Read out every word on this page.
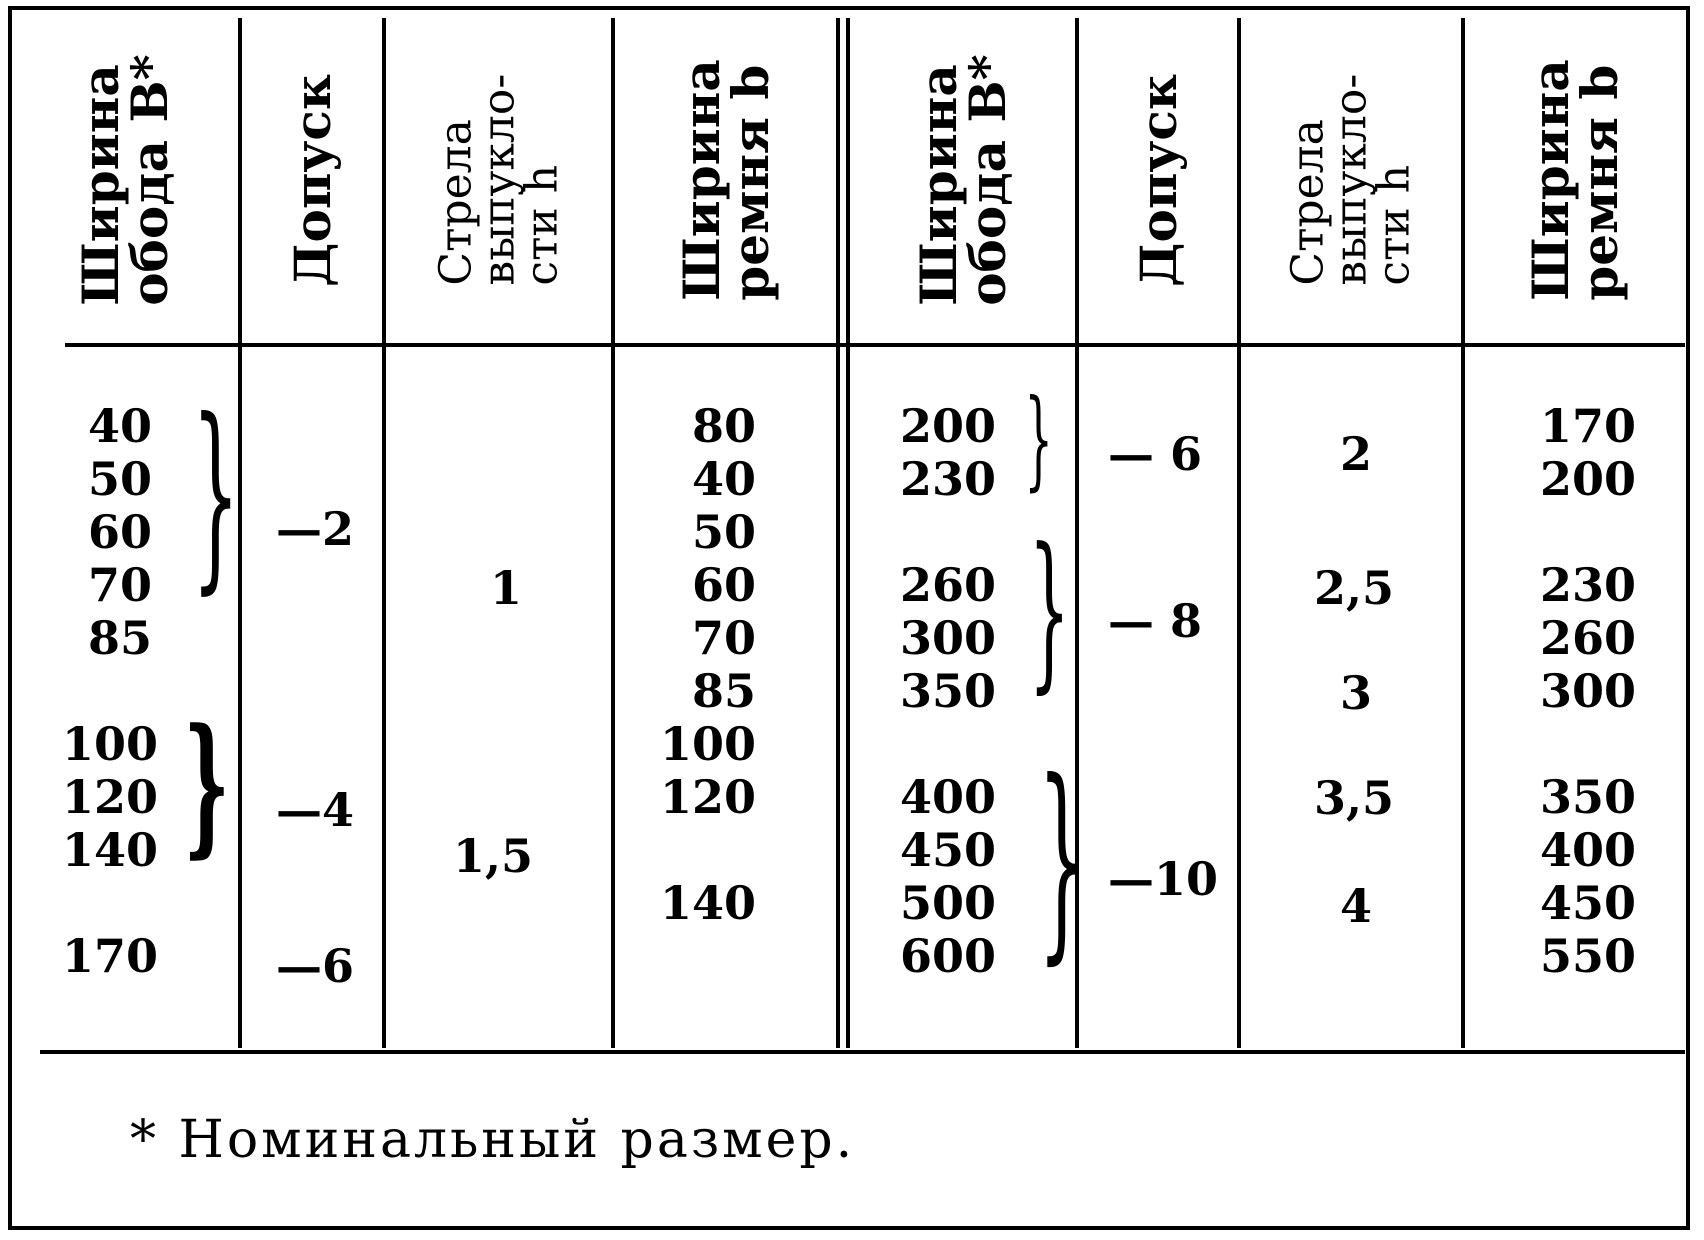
Ширина
обода B* Допуск Стрела
выпукло-
сти h Ширина
ремня b	Ширина
обода B* Допуск Стрела
выпукло-
сти h Ширина
ремня b
40
50
60
70
85
100
120
140
170
}
}
—2
—4
—6
1
1,5
80
40
50
60
70
85
100
120
140
200
230
260
300
350
400
450
500
600
}
}
}
— 6
— 8
—10
2
2,5
3
3,5
4
170
200
230
260
300
350
400
450
550
* Номинальный размер.
